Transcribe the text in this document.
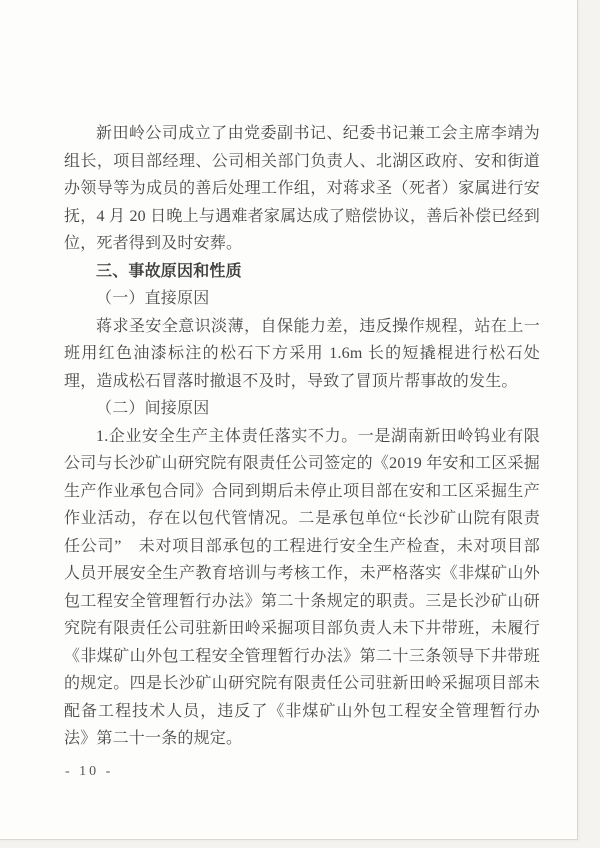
新田岭公司成立了由党委副书记、纪委书记兼工会主席李靖为组长，项目部经理、公司相关部门负责人、北湖区政府、安和街道办领导等为成员的善后处理工作组，对蒋求圣（死者）家属进行安抚，4 月 20 日晚上与遇难者家属达成了赔偿协议，善后补偿已经到位，死者得到及时安葬。

三、事故原因和性质

（一）直接原因

蒋求圣安全意识淡薄，自保能力差，违反操作规程，站在上一班用红色油漆标注的松石下方采用 1.6m 长的短撬棍进行松石处理，造成松石冒落时撤退不及时，导致了冒顶片帮事故的发生。

（二）间接原因

1.企业安全生产主体责任落实不力。一是湖南新田岭钨业有限公司与长沙矿山研究院有限责任公司签定的《2019 年安和工区采掘生产作业承包合同》合同到期后未停止项目部在安和工区采掘生产作业活动，存在以包代管情况。二是承包单位“长沙矿山院有限责任公司”　未对项目部承包的工程进行安全生产检查，未对项目部人员开展安全生产教育培训与考核工作，未严格落实《非煤矿山外包工程安全管理暂行办法》第二十条规定的职责。三是长沙矿山研究院有限责任公司驻新田岭采掘项目部负责人未下井带班，未履行《非煤矿山外包工程安全管理暂行办法》第二十三条领导下井带班的规定。四是长沙矿山研究院有限责任公司驻新田岭采掘项目部未配备工程技术人员，违反了《非煤矿山外包工程安全管理暂行办法》第二十一条的规定。

- 10 -
